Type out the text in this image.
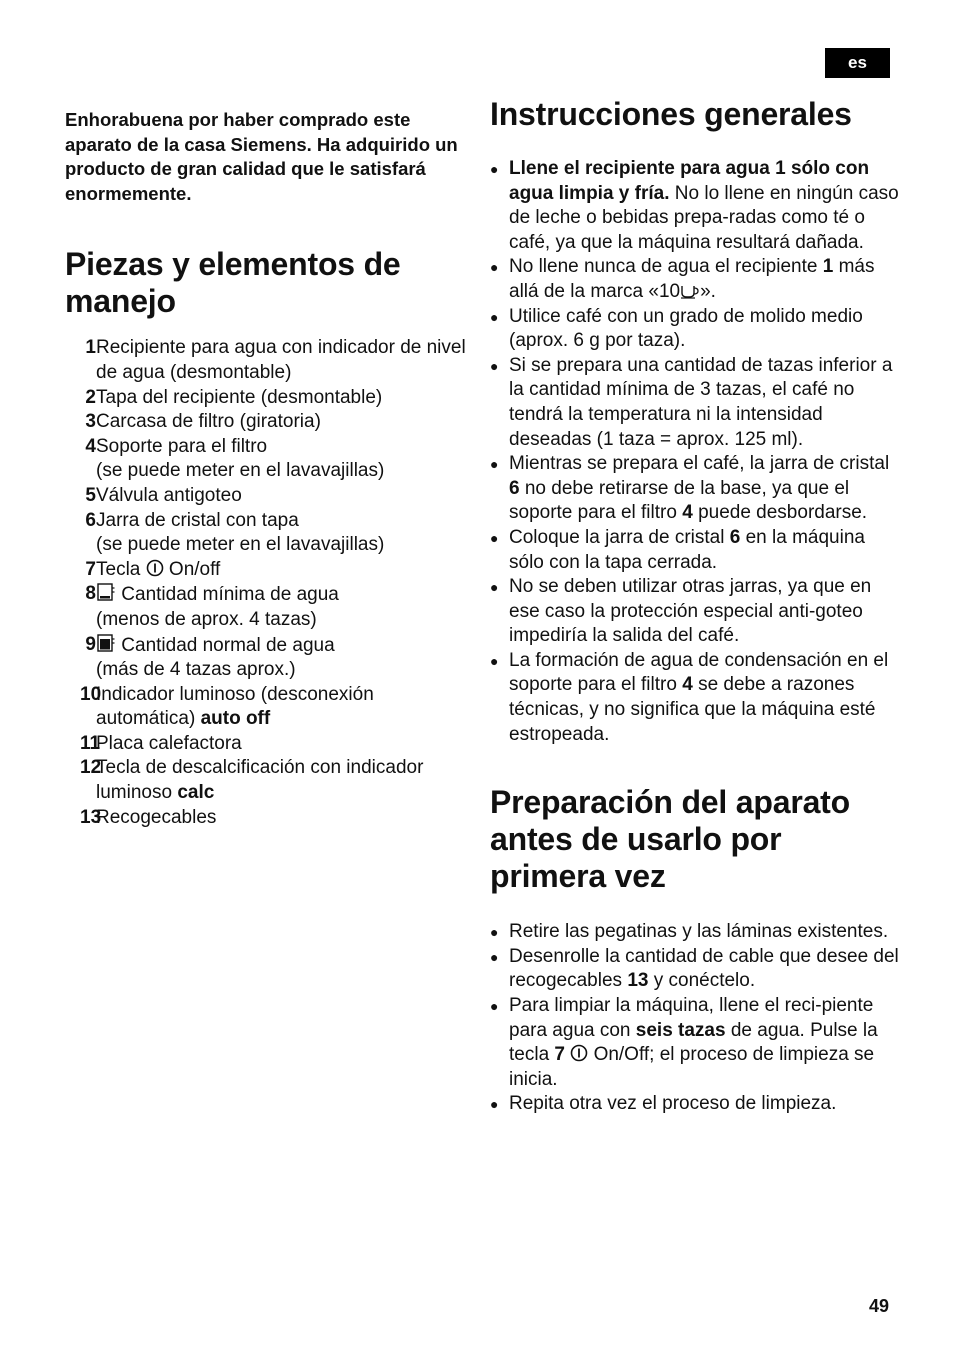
es

Enhorabuena por haber comprado este aparato de la casa Siemens. Ha adquirido un producto de gran calidad que le satisfará enormemente.

Piezas y elementos de manejo
1 Recipiente para agua con indicador de nivel de agua (desmontable)
2 Tapa del recipiente (desmontable)
3 Carcasa de filtro (giratoria)
4 Soporte para el filtro
(se puede meter en el lavavajillas)
5 Válvula antigoteo
6 Jarra de cristal con tapa
(se puede meter en el lavavajillas)
7 Tecla On/off
8	Cantidad mínima de agua
(menos de aprox. 4 tazas)
9	Cantidad normal de agua
(más de 4 tazas aprox.)
10
Indicador luminoso (desconexión automática) auto off
11
Placa calefactora
12
Tecla de descalcificación con indicador luminoso calc
13
Recogecables
Instrucciones generales
● Llene el recipiente para agua 1 sólo con agua limpia y fría. No lo llene en ningún caso de leche o bebidas prepa-radas como té o café, ya que la máquina resultará dañada.
● No llene nunca de agua el recipiente 1 más allá de la marca «10 ».
● Utilice café con un grado de molido medio (aprox. 6 g por taza).
● Si se prepara una cantidad de tazas inferior a la cantidad mínima de 3 tazas, el café no tendrá la temperatura ni la intensidad deseadas (1 taza = aprox. 125 ml).
● Mientras se prepara el café, la jarra de cristal 6 no debe retirarse de la base, ya que el soporte para el filtro 4 puede desbordarse.
● Coloque la jarra de cristal 6 en la máquina sólo con la tapa cerrada.
● No se deben utilizar otras jarras, ya que en ese caso la protección especial anti-goteo impediría la salida del café.
● La formación de agua de condensación en el soporte para el filtro 4 se debe a razones técnicas, y no significa que la máquina esté estropeada.
Preparación del aparato antes de usarlo por primera vez
● Retire las pegatinas y las láminas existentes.
● Desenrolle la cantidad de cable que desee del recogecables 13 y conéctelo.
● Para limpiar la máquina, llene el reci-piente para agua con seis tazas de agua. Pulse la tecla 7 On/Off; el proceso de limpieza se inicia.
● Repita otra vez el proceso de limpieza.
49
